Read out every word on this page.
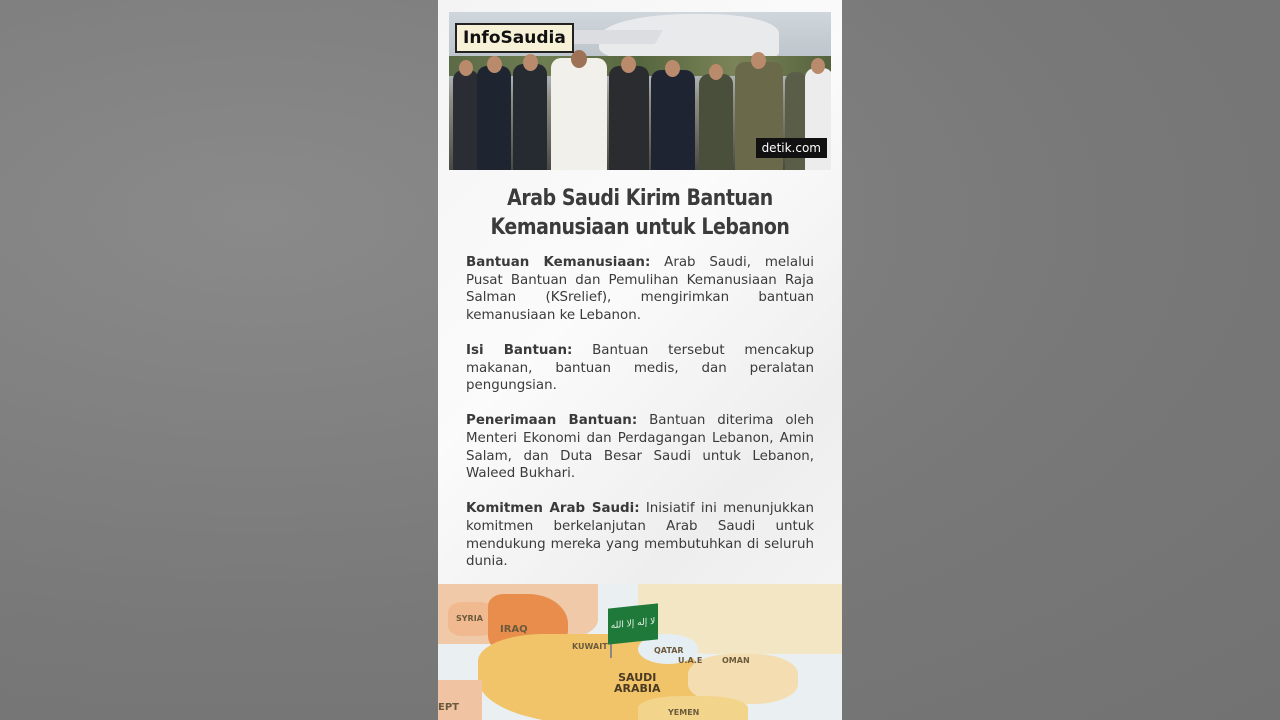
InfoSaudia
detik.com
Arab Saudi Kirim Bantuan
Kemanusiaan untuk Lebanon

Bantuan Kemanusiaan: Arab Saudi, melalui Pusat Bantuan dan Pemulihan Kemanusiaan Raja Salman (KSrelief), mengirimkan bantuan kemanusiaan ke Lebanon.

Isi Bantuan: Bantuan tersebut mencakup makanan, bantuan medis, dan peralatan pengungsian.

Penerimaan Bantuan: Bantuan diterima oleh Menteri Ekonomi dan Perdagangan Lebanon, Amin Salam, dan Duta Besar Saudi untuk Lebanon, Waleed Bukhari.

Komitmen Arab Saudi: Inisiatif ini menunjukkan komitmen berkelanjutan Arab Saudi untuk mendukung mereka yang membutuhkan di seluruh dunia.

SYRIA
IRAQ
KUWAIT	QATAR
U.A.E OMAN
SAUDI
ARABIA
YEMEN
EPT
لا إله إلا الله
